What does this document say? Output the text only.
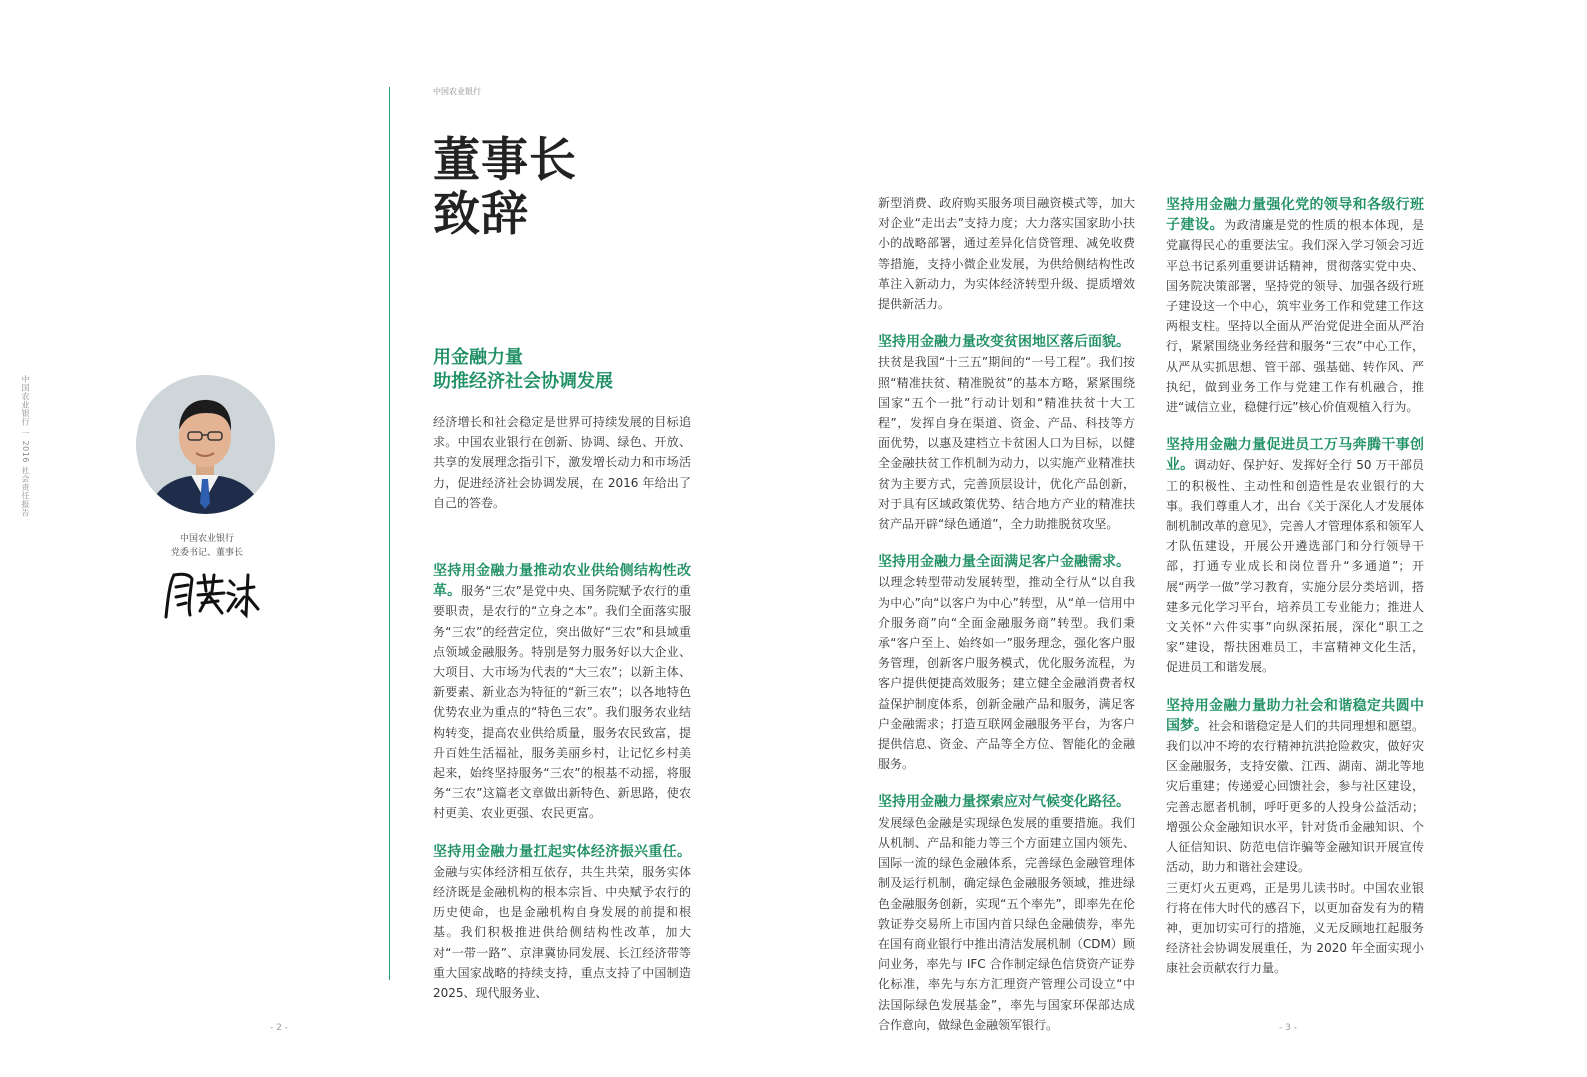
中国农业银行 一 2016 社会责任报告
中国农业银行
董事长
致辞
中国农业银行
党委书记、董事长
用金融力量
助推经济社会协调发展

经济增长和社会稳定是世界可持续发展的目标追求。中国农业银行在创新、协调、绿色、开放、共享的发展理念指引下，激发增长动力和市场活力，促进经济社会协调发展，在 2016 年给出了自己的答卷。

坚持用金融力量推动农业供给侧结构性改革。服务“三农”是党中央、国务院赋予农行的重要职责，是农行的“立身之本”。我们全面落实服务“三农”的经营定位，突出做好“三农”和县域重点领域金融服务。特别是努力服务好以大企业、大项目、大市场为代表的“大三农”；以新主体、新要素、新业态为特征的“新三农”；以各地特色优势农业为重点的“特色三农”。我们服务农业结构转变，提高农业供给质量，服务农民致富，提升百姓生活福祉，服务美丽乡村，让记忆乡村美起来，始终坚持服务“三农”的根基不动摇，将服务“三农”这篇老文章做出新特色、新思路，使农村更美、农业更强、农民更富。

坚持用金融力量扛起实体经济振兴重任。金融与实体经济相互依存，共生共荣，服务实体经济既是金融机构的根本宗旨、中央赋予农行的历史使命，也是金融机构自身发展的前提和根基。我们积极推进供给侧结构性改革，加大对“一带一路”、京津冀协同发展、长江经济带等重大国家战略的持续支持，重点支持了中国制造 2025、现代服务业、

新型消费、政府购买服务项目融资模式等，加大对企业“走出去”支持力度；大力落实国家助小扶小的战略部署，通过差异化信贷管理、减免收费等措施，支持小微企业发展，为供给侧结构性改革注入新动力，为实体经济转型升级、提质增效提供新活力。

坚持用金融力量改变贫困地区落后面貌。
扶贫是我国“十三五”期间的“一号工程”。我们按照“精准扶贫、精准脱贫”的基本方略，紧紧围绕国家“五个一批”行动计划和“精准扶贫十大工程”，发挥自身在渠道、资金、产品、科技等方面优势，以惠及建档立卡贫困人口为目标，以健全金融扶贫工作机制为动力，以实施产业精准扶贫为主要方式，完善顶层设计，优化产品创新，对于具有区域政策优势、结合地方产业的精准扶贫产品开辟“绿色通道”，全力助推脱贫攻坚。

坚持用金融力量全面满足客户金融需求。
以理念转型带动发展转型，推动全行从“以自我为中心”向“以客户为中心”转型，从“单一信用中介服务商”向“全面金融服务商”转型。我们秉承“客户至上、始终如一”服务理念，强化客户服务管理，创新客户服务模式，优化服务流程，为客户提供便捷高效服务；建立健全金融消费者权益保护制度体系，创新金融产品和服务，满足客户金融需求；打造互联网金融服务平台，为客户提供信息、资金、产品等全方位、智能化的金融服务。

坚持用金融力量探索应对气候变化路径。
发展绿色金融是实现绿色发展的重要措施。我们从机制、产品和能力等三个方面建立国内领先、国际一流的绿色金融体系，完善绿色金融管理体制及运行机制，确定绿色金融服务领域，推进绿色金融服务创新，实现“五个率先”，即率先在伦敦证券交易所上市国内首只绿色金融债券，率先在国有商业银行中推出清洁发展机制（CDM）顾问业务，率先与 IFC 合作制定绿色信贷资产证券化标准，率先与东方汇理资产管理公司设立“中法国际绿色发展基金”，率先与国家环保部达成合作意向，做绿色金融领军银行。

坚持用金融力量强化党的领导和各级行班子建设。为政清廉是党的性质的根本体现，是党赢得民心的重要法宝。我们深入学习领会习近平总书记系列重要讲话精神，贯彻落实党中央、国务院决策部署，坚持党的领导、加强各级行班子建设这一个中心，筑牢业务工作和党建工作这两根支柱。坚持以全面从严治党促进全面从严治行，紧紧围绕业务经营和服务“三农”中心工作，从严从实抓思想、管干部、强基础、转作风、严执纪，做到业务工作与党建工作有机融合，推进“诚信立业，稳健行远”核心价值观植入行为。

坚持用金融力量促进员工万马奔腾干事创业。调动好、保护好、发挥好全行 50 万干部员工的积极性、主动性和创造性是农业银行的大事。我们尊重人才，出台《关于深化人才发展体制机制改革的意见》，完善人才管理体系和领军人才队伍建设，开展公开遴选部门和分行领导干部，打通专业成长和岗位晋升“多通道”；开展“两学一做”学习教育，实施分层分类培训，搭建多元化学习平台，培养员工专业能力；推进人文关怀“六件实事”向纵深拓展，深化“职工之家”建设，帮扶困难员工，丰富精神文化生活，促进员工和谐发展。

坚持用金融力量助力社会和谐稳定共圆中国梦。社会和谐稳定是人们的共同理想和愿望。我们以冲不垮的农行精神抗洪抢险救灾，做好灾区金融服务，支持安徽、江西、湖南、湖北等地灾后重建；传递爱心回馈社会，参与社区建设，完善志愿者机制，呼吁更多的人投身公益活动；增强公众金融知识水平，针对货币金融知识、个人征信知识、防范电信诈骗等金融知识开展宣传活动，助力和谐社会建设。

三更灯火五更鸡，正是男儿读书时。中国农业银行将在伟大时代的感召下，以更加奋发有为的精神，更加切实可行的措施，义无反顾地扛起服务经济社会协调发展重任，为 2020 年全面实现小康社会贡献农行力量。

- 2 -	- 3 -
